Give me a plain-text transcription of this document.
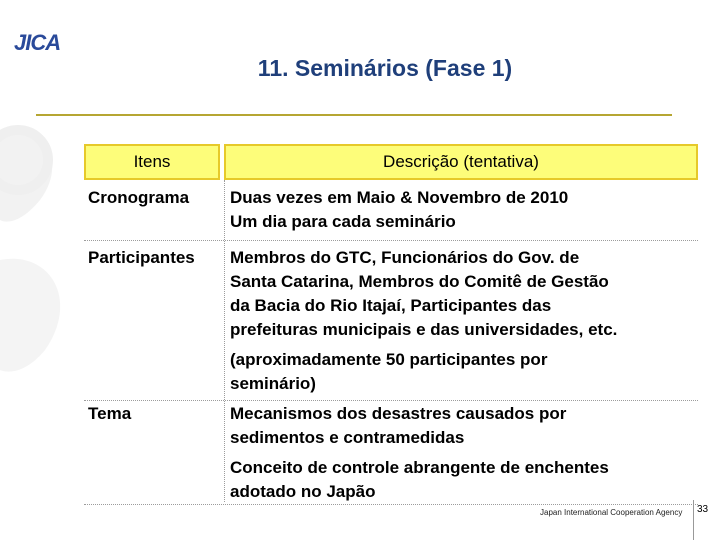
JICA
11. Seminários (Fase 1)
Itens	Descrição (tentativa)
Cronograma	Duas vezes em Maio & Novembro de 2010
Um dia para cada seminário
Participantes	Membros do GTC, Funcionários do Gov. de
Santa Catarina, Membros do Comitê de Gestão
da Bacia do Rio Itajaí, Participantes das
prefeituras municipais e das universidades, etc.
(aproximadamente 50 participantes por
seminário)
Tema	Mecanismos dos desastres causados por
sedimentos e contramedidas
Conceito de controle abrangente de enchentes
adotado no Japão
Japan International Cooperation Agency 33
